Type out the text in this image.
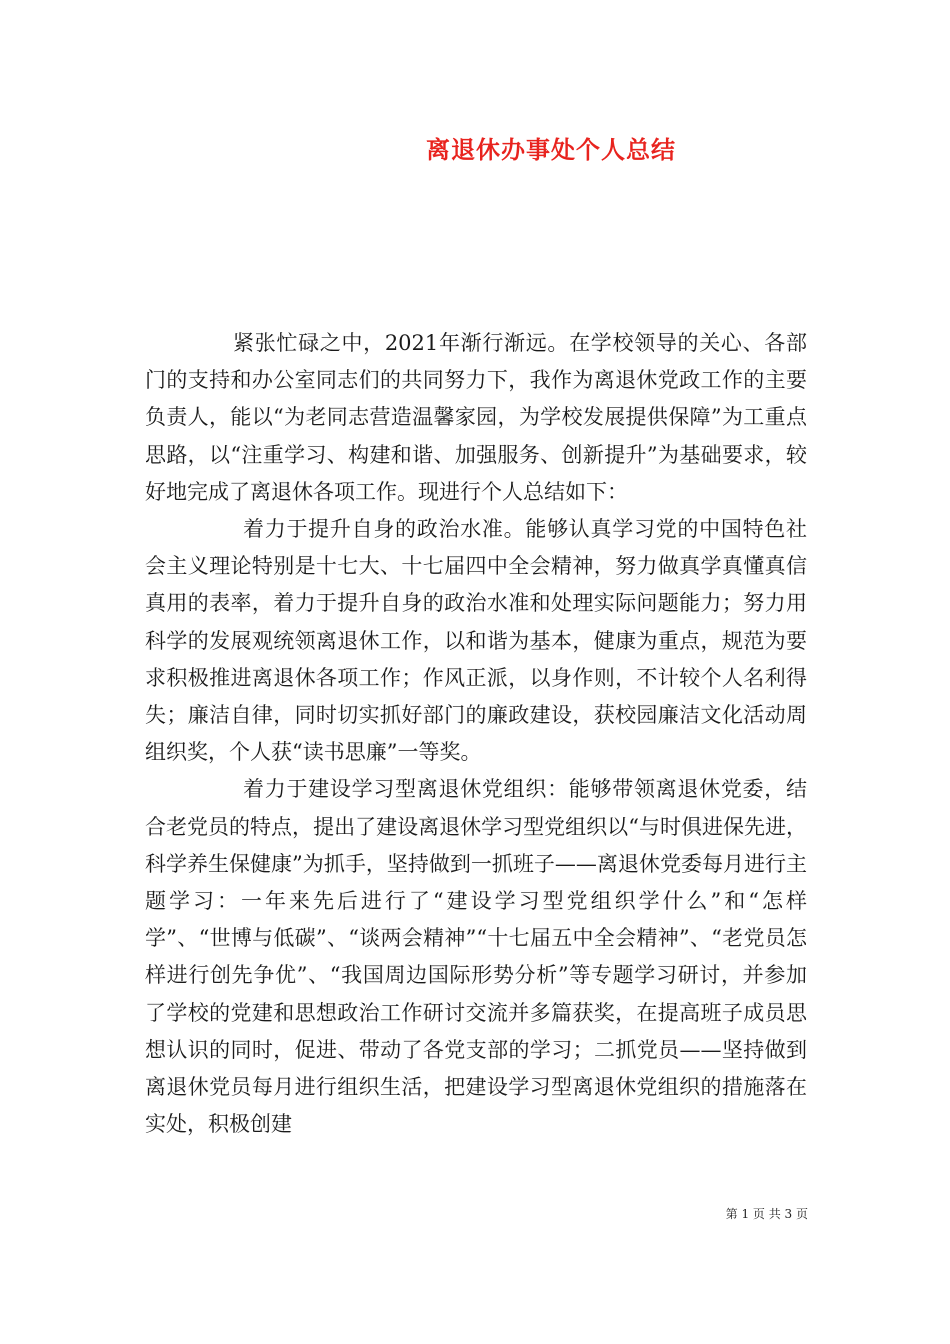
离退休办事处个人总结

紧张忙碌之中，2021年渐行渐远。在学校领导的关心、各部门的支持和办公室同志们的共同努力下，我作为离退休党政工作的主要负责人，能以“为老同志营造温馨家园，为学校发展提供保障”为工重点思路，以“注重学习、构建和谐、加强服务、创新提升”为基础要求，较好地完成了离退休各项工作。现进行个人总结如下：

着力于提升自身的政治水准。能够认真学习党的中国特色社会主义理论特别是十七大、十七届四中全会精神，努力做真学真懂真信真用的表率，着力于提升自身的政治水准和处理实际问题能力；努力用科学的发展观统领离退休工作，以和谐为基本，健康为重点，规范为要求积极推进离退休各项工作；作风正派，以身作则，不计较个人名利得失；廉洁自律，同时切实抓好部门的廉政建设，获校园廉洁文化活动周组织奖，个人获“读书思廉”一等奖。

着力于建设学习型离退休党组织：能够带领离退休党委，结合老党员的特点，提出了建设离退休学习型党组织以“与时俱进保先进，科学养生保健康”为抓手，坚持做到一抓班子——离退休党委每月进行主题学习：一年来先后进行了“建设学习型党组织学什么”和“怎样学”、“世博与低碳”、“谈两会精神”“十七届五中全会精神”、“老党员怎样进行创先争优”、“我国周边国际形势分析”等专题学习研讨，并参加了学校的党建和思想政治工作研讨交流并多篇获奖，在提高班子成员思想认识的同时，促进、带动了各党支部的学习；二抓党员——坚持做到离退休党员每月进行组织生活，把建设学习型离退休党组织的措施落在实处，积极创建

第 1 页 共 3 页
